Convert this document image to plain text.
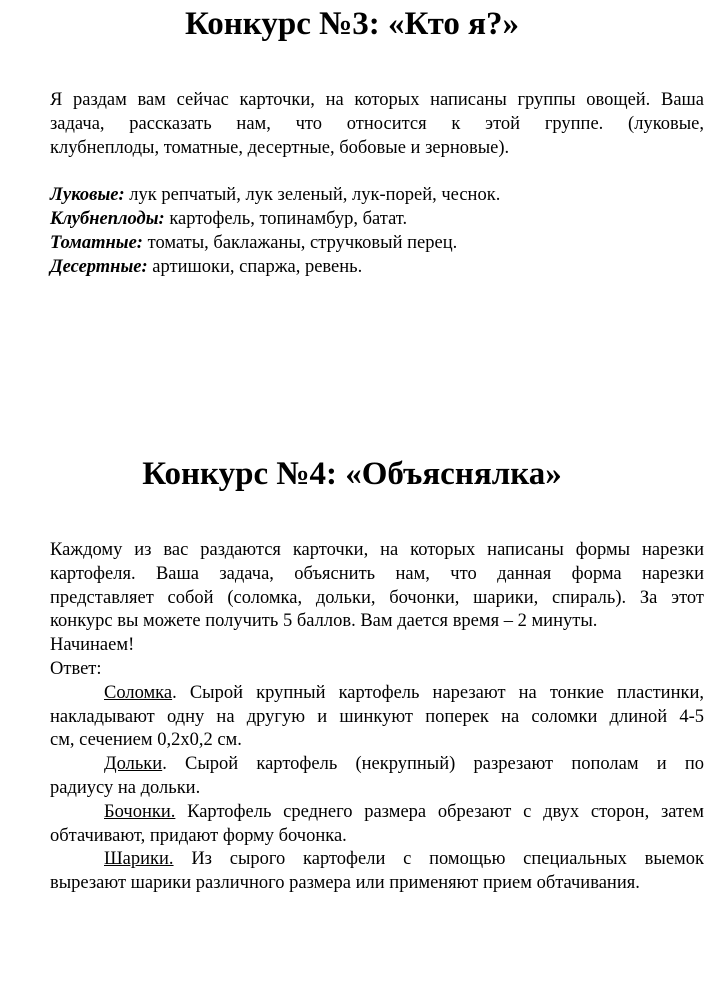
Конкурс №3: «Кто я?»
Я раздам вам сейчас карточки, на которых написаны группы овощей. Ваша
задача, рассказать нам, что относится к этой группе. (луковые,
клубнеплоды, томатные, десертные, бобовые и зерновые).
Луковые: лук репчатый, лук зеленый, лук-порей, чеснок.
Клубнеплоды: картофель, топинамбур, батат.
Томатные: томаты, баклажаны, стручковый перец.
Десертные: артишоки, спаржа, ревень.
Конкурс №4: «Объяснялка»
Каждому из вас раздаются карточки, на которых написаны формы нарезки
картофеля. Ваша задача, объяснить нам, что данная форма нарезки
представляет собой (соломка, дольки, бочонки, шарики, спираль). За этот
конкурс вы можете получить 5 баллов. Вам дается время – 2 минуты.
Начинаем!
Ответ:
Соломка. Сырой крупный картофель нарезают на тонкие пластинки,
накладывают одну на другую и шинкуют поперек на соломки длиной 4-5
см, сечением 0,2х0,2 см.
Дольки. Сырой картофель (некрупный) разрезают пополам и по
радиусу на дольки.
Бочонки. Картофель среднего размера обрезают с двух сторон, затем
обтачивают, придают форму бочонка.
Шарики. Из сырого картофели с помощью специальных выемок
вырезают шарики различного размера или применяют прием обтачивания.
